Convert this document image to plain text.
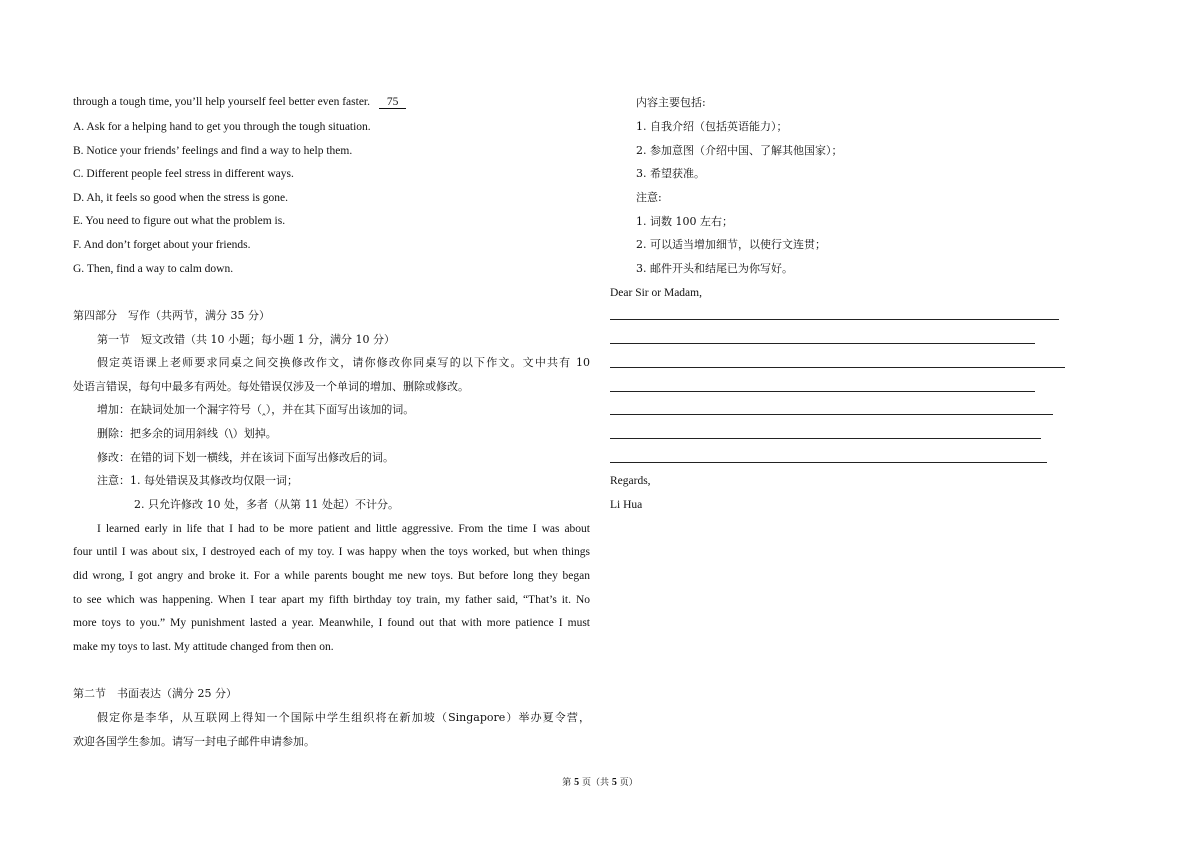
through a tough time, you’ll help yourself feel better even faster. 75
A. Ask for a helping hand to get you through the tough situation.
B. Notice your friends’ feelings and find a way to help them.
C. Different people feel stress in different ways.
D. Ah, it feels so good when the stress is gone.
E. You need to figure out what the problem is.
F. And don’t forget about your friends.
G. Then, find a way to calm down.
第四部分　写作（共两节，满分 35 分）
第一节　短文改错（共 10 小题；每小题 1 分，满分 10 分）
假定英语课上老师要求同桌之间交换修改作文，请你修改你同桌写的以下作文。文中共有 10
处语言错误，每句中最多有两处。每处错误仅涉及一个单词的增加、删除或修改。
增加：在缺词处加一个漏字符号（‸），并在其下面写出该加的词。
删除：把多余的词用斜线（\）划掉。
修改：在错的词下划一横线，并在该词下面写出修改后的词。
注意：1. 每处错误及其修改均仅限一词；
2. 只允许修改 10 处，多者（从第 11 处起）不计分。
I learned early in life that I had to be more patient and little aggressive. From the time I was about
four until I was about six, I destroyed each of my toy. I was happy when the toys worked, but when things
did wrong, I got angry and broke it. For a while parents bought me new toys. But before long they began
to see which was happening. When I tear apart my fifth birthday toy train, my father said, “That’s it. No
more toys to you.” My punishment lasted a year. Meanwhile, I found out that with more patience I must
make my toys to last. My attitude changed from then on.
第二节　书面表达（满分 25 分）
假定你是李华，从互联网上得知一个国际中学生组织将在新加坡（Singapore）举办夏令营，
欢迎各国学生参加。请写一封电子邮件申请参加。
内容主要包括:
1. 自我介绍（包括英语能力）；
2. 参加意图（介绍中国、了解其他国家）；
3. 希望获准。
注意:
1. 词数 100 左右；
2. 可以适当增加细节，以使行文连贯；
3. 邮件开头和结尾已为你写好。
Dear Sir or Madam,
Regards,
Li Hua
第 5 页（共 5 页）
